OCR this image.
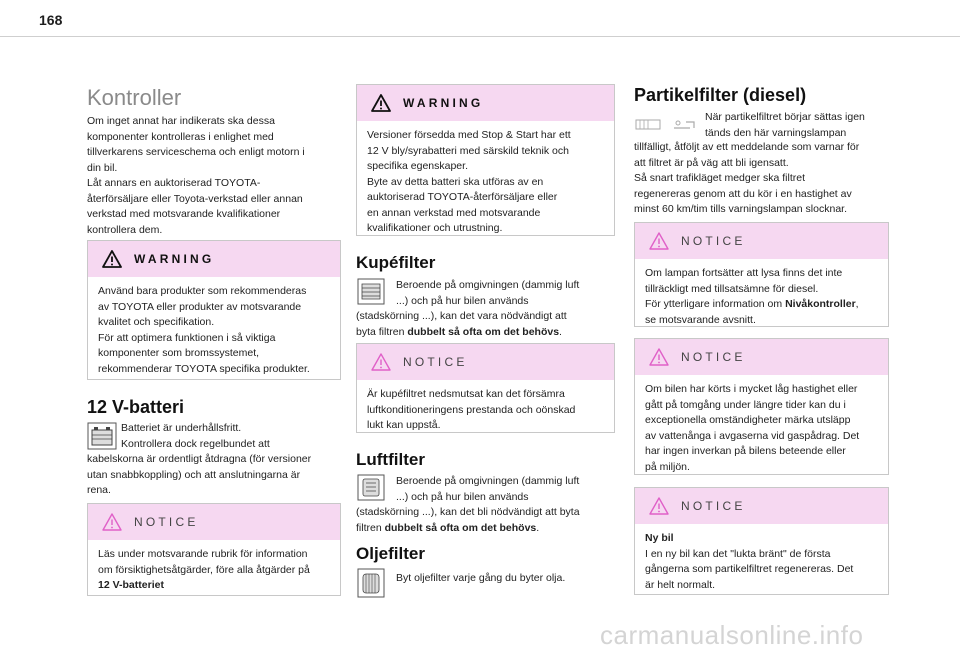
168
Kontroller
Om inget annat har indikerats ska dessa
komponenter kontrolleras i enlighet med
tillverkarens serviceschema och enligt motorn i
din bil.
Låt annars en auktoriserad TOYOTA-
återförsäljare eller Toyota-verkstad eller annan
verkstad med motsvarande kvalifikationer
kontrollera dem.
WARNING
Använd bara produkter som rekommenderas
av TOYOTA eller produkter av motsvarande
kvalitet och specifikation.
För att optimera funktionen i så viktiga
komponenter som bromssystemet,
rekommenderar TOYOTA specifika produkter.
12 V-batteri
Batteriet är underhållsfritt.
Kontrollera dock regelbundet att
kabelskorna är ordentligt åtdragna (för versioner
utan snabbkoppling) och att anslutningarna är
rena.
NOTICE
Läs under motsvarande rubrik för information
om försiktighetsåtgärder, före alla åtgärder på
12 V-batteriet
WARNING
Versioner försedda med Stop & Start har ett
12 V bly/syrabatteri med särskild teknik och
specifika egenskaper.
Byte av detta batteri ska utföras av en
auktoriserad TOYOTA-återförsäljare eller
en annan verkstad med motsvarande
kvalifikationer och utrustning.
Kupéfilter
Beroende på omgivningen (dammig luft
...) och på hur bilen används
(stadskörning ...), kan det vara nödvändigt att
byta filtren dubbelt så ofta om det behövs.
NOTICE
Är kupéfiltret nedsmutsat kan det försämra
luftkonditioneringens prestanda och oönskad
lukt kan uppstå.
Luftfilter
Beroende på omgivningen (dammig luft
...) och på hur bilen används
(stadskörning ...), kan det bli nödvändigt att byta
filtren dubbelt så ofta om det behövs.
Oljefilter
Byt oljefilter varje gång du byter olja.
Partikelfilter (diesel)
När partikelfiltret börjar sättas igen
tänds den här varningslampan
tillfälligt, åtföljt av ett meddelande som varnar för
att filtret är på väg att bli igensatt.
Så snart trafikläget medger ska filtret
regenereras genom att du kör i en hastighet av
minst 60 km/tim tills varningslampan slocknar.
NOTICE
Om lampan fortsätter att lysa finns det inte
tillräckligt med tillsatsämne för diesel.
För ytterligare information om Nivåkontroller,
se motsvarande avsnitt.
NOTICE
Om bilen har körts i mycket låg hastighet eller
gått på tomgång under längre tider kan du i
exceptionella omständigheter märka utsläpp
av vattenånga i avgaserna vid gaspådrag. Det
har ingen inverkan på bilens beteende eller
på miljön.
NOTICE
Ny bil
I en ny bil kan det "lukta bränt" de första
gångerna som partikelfiltret regenereras. Det
är helt normalt.
carmanualsonline.info
